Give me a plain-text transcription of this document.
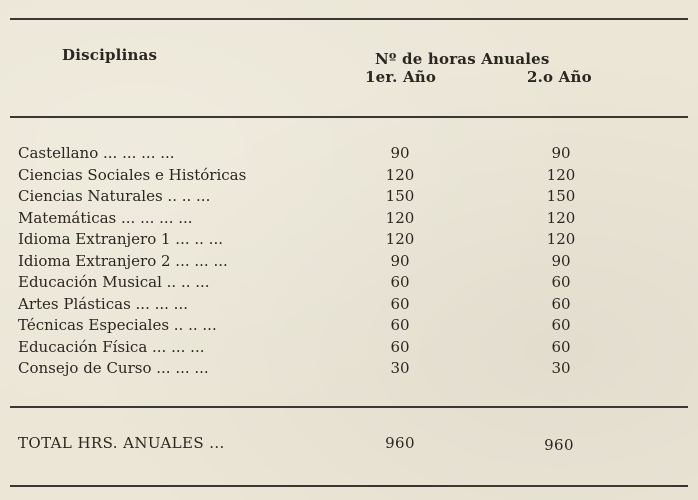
Disciplinas	Nº de horas Anuales
1er. Año	2.o Año
Castellano ... ... ... ...	90	90
Ciencias Sociales e Históricas	120	120
Ciencias Naturales .. .. ...	150	150
Matemáticas ... ... ... ...	120	120
Idioma Extranjero 1 ... .. ...	120	120
Idioma Extranjero 2 ... ... ...	90	90
Educación Musical .. .. ...	60	60
Artes Plásticas ... ... ...	60	60
Técnicas Especiales .. .. ...	60	60
Educación Física ... ... ...	60	60
Consejo de Curso ... ... ...	30	30
TOTAL HRS. ANUALES ...	960	960
